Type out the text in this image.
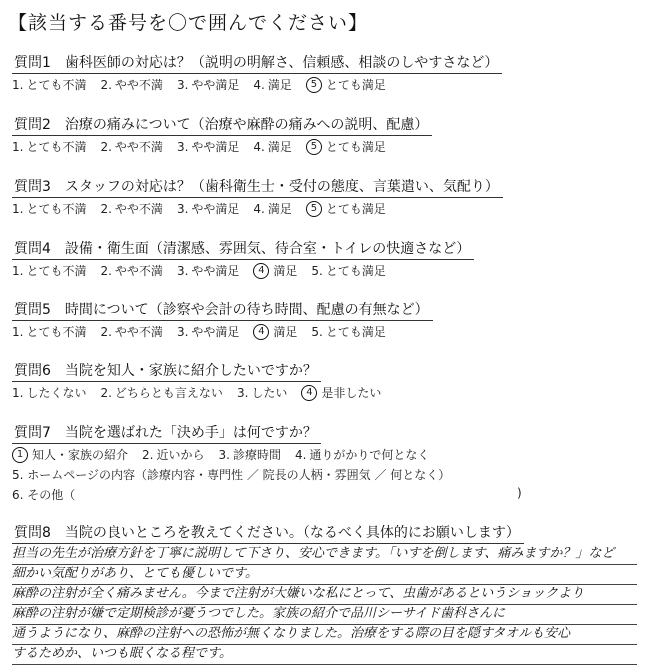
【該当する番号を〇で囲んでください】
質問1　歯科医師の対応は？（説明の明解さ、信頼感、相談のしやすさなど）
1. とても不満 2. やや不満 3. やや満足 4. 満足	5 とても満足
質問2　治療の痛みについて（治療や麻酔の痛みへの説明、配慮）
1. とても不満 2. やや不満 3. やや満足 4. 満足	5 とても満足
質問3　スタッフの対応は？（歯科衛生士・受付の態度、言葉遣い、気配り）
1. とても不満 2. やや不満 3. やや満足 4. 満足	5 とても満足
質問4　設備・衛生面（清潔感、雰囲気、待合室・トイレの快適さなど）
1. とても不満 2. やや不満 3. やや満足	4 満足 5. とても満足
質問5　時間について（診察や会計の待ち時間、配慮の有無など）
1. とても不満 2. やや不満 3. やや満足	4 満足 5. とても満足
質問6　当院を知人・家族に紹介したいですか？
1. したくない 2. どちらとも言えない 3. したい	4 是非したい
質問7　当院を選ばれた「決め手」は何ですか？
1 知人・家族の紹介 2. 近いから 3. 診療時間 4. 通りがかりで何となく
5. ホームページの内容（診療内容・専門性 ／ 院長の人柄・雰囲気 ／ 何となく）
6. その他（	)
質問8　当院の良いところを教えてください。（なるべく具体的にお願いします）
担当の先生が治療方針を丁寧に説明して下さり、安心できます。「いすを倒します、痛みますか？」など
細かい気配りがあり、とても優しいです。
麻酔の注射が全く痛みません。今まで注射が大嫌いな私にとって、虫歯があるというショックより
麻酔の注射が嫌で定期検診が憂うつでした。家族の紹介で品川シーサイド歯科さんに
通うようになり、麻酔の注射への恐怖が無くなりました。治療をする際の目を隠すタオルも安心
するためか、いつも眠くなる程です。
